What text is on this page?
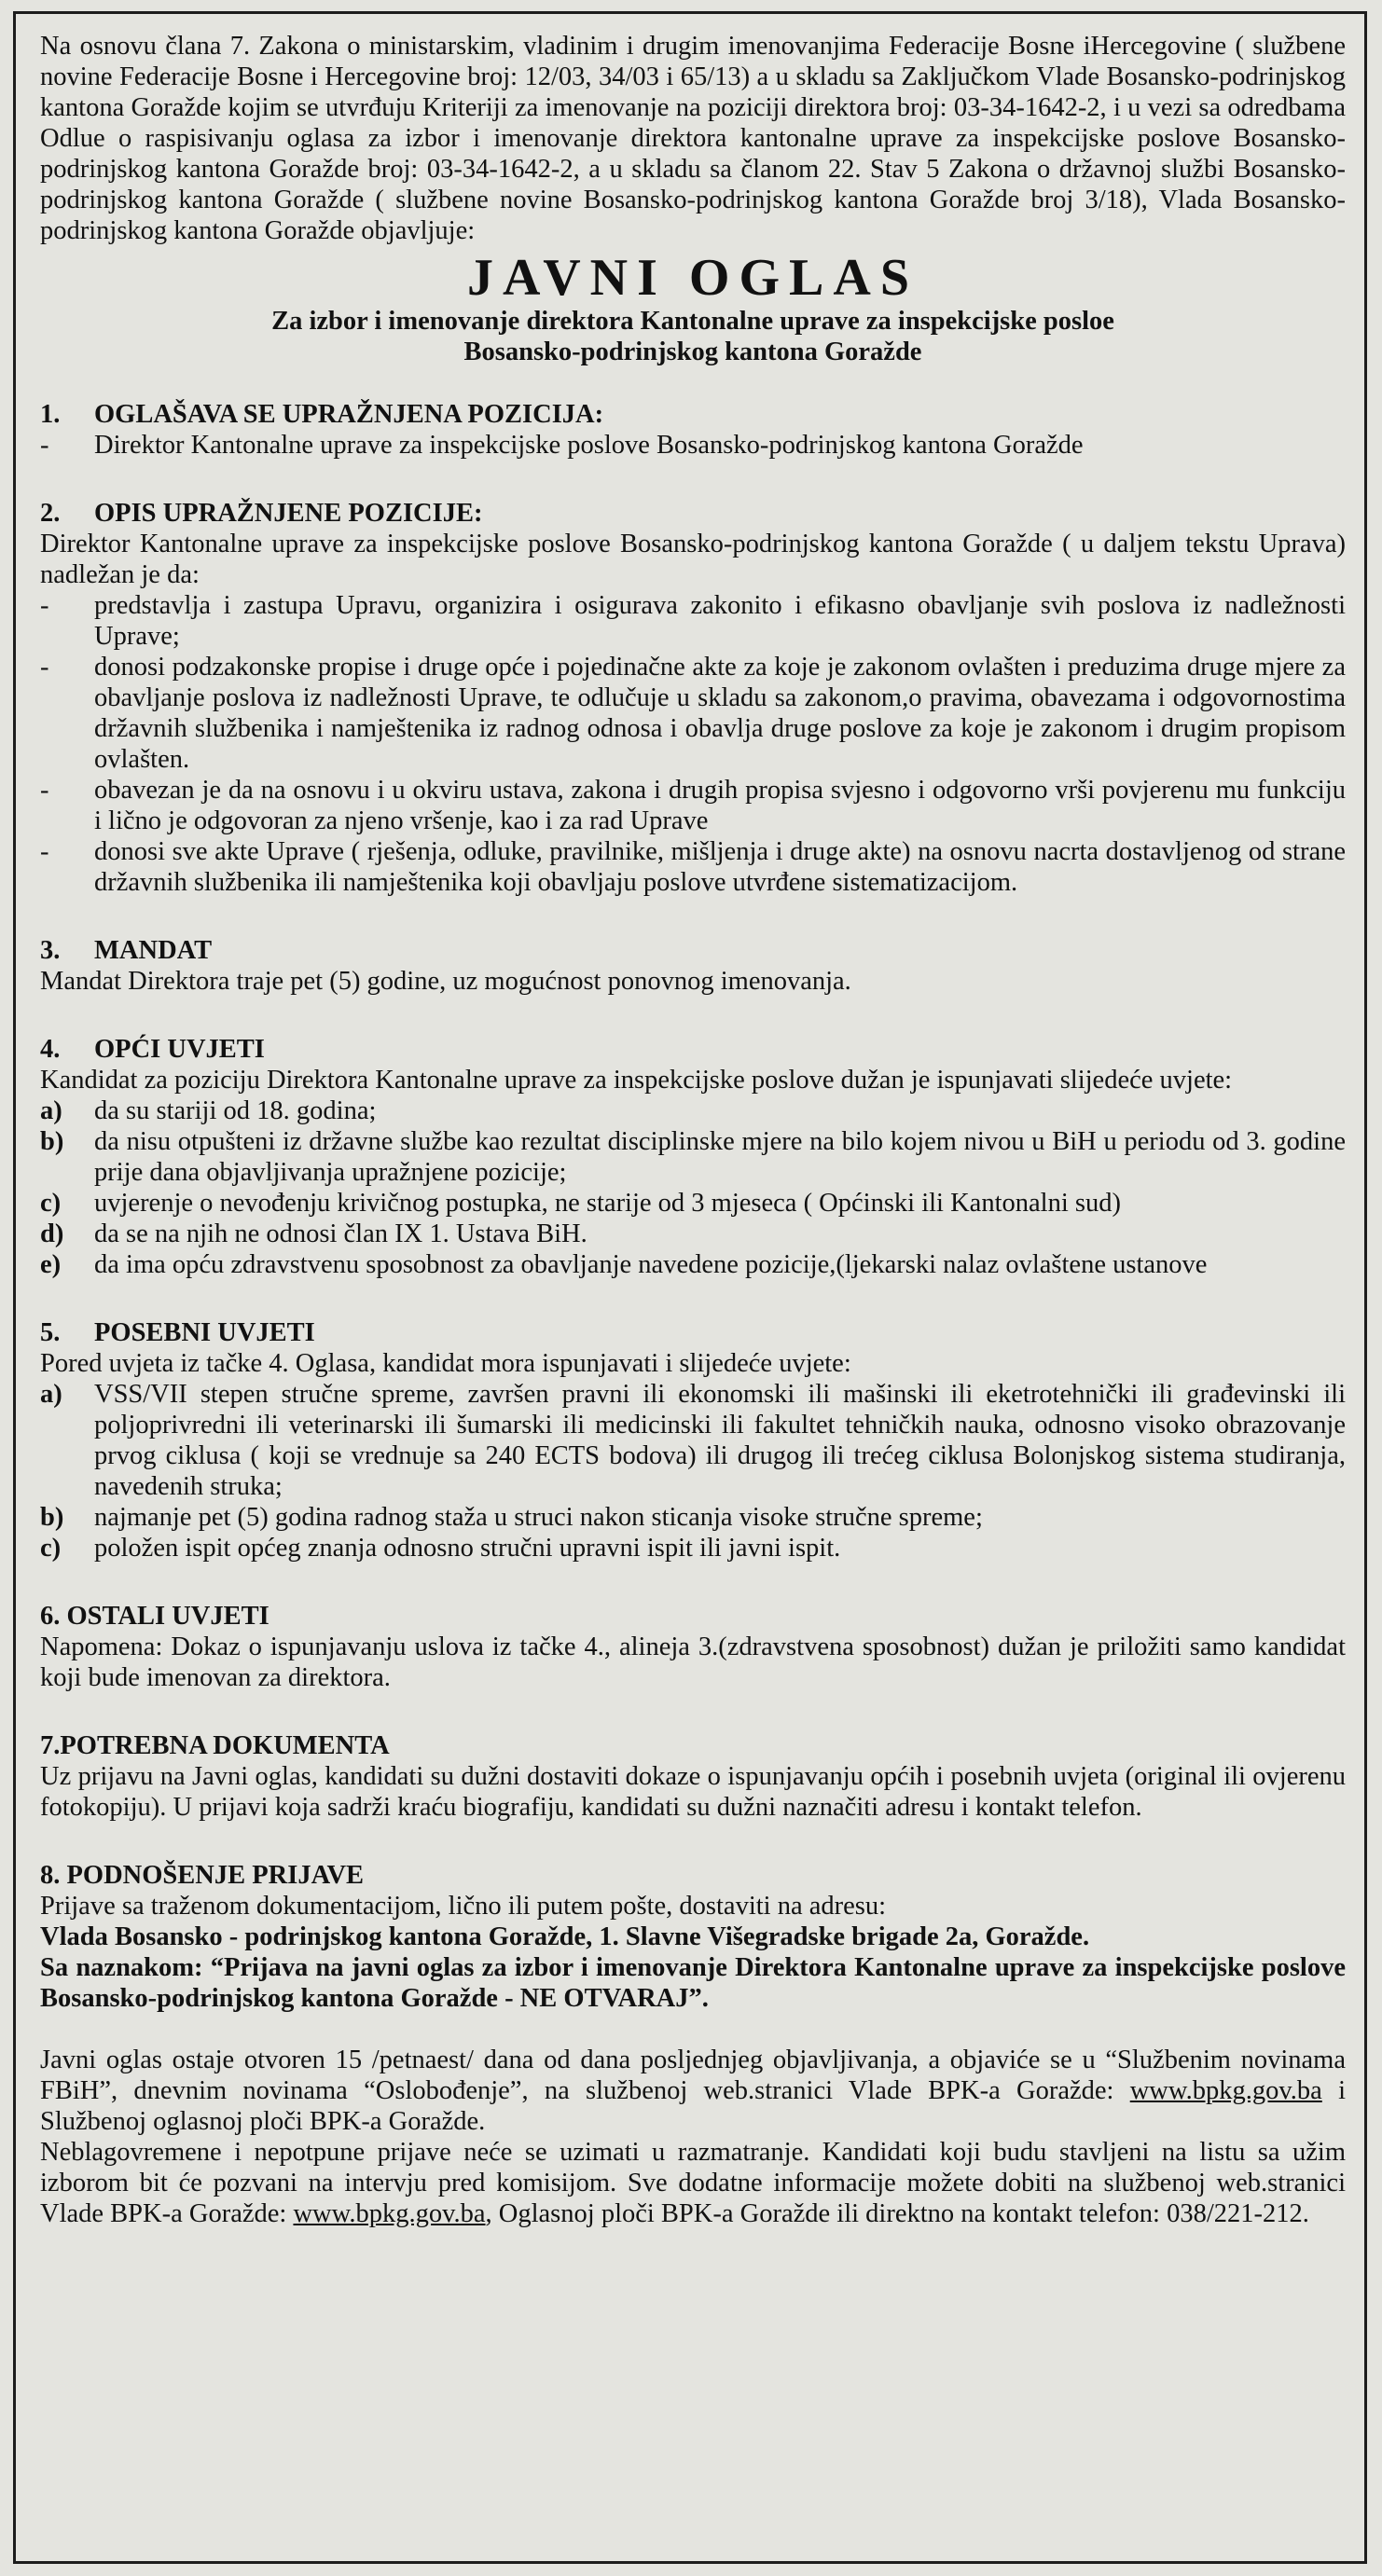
Na osnovu člana 7. Zakona o ministarskim, vladinim i drugim imenovanjima Federacije Bosne iHercegovine ( službene novine Federacije Bosne i Hercegovine broj: 12/03, 34/03 i 65/13) a u skladu sa Zaključkom Vlade Bosansko-podrinjskog kantona Goražde kojim se utvrđuju Kriteriji za imenovanje na poziciji direktora broj: 03-34-1642-2, i u vezi sa odredbama Odlue o raspisivanju oglasa za izbor i imenovanje direktora kantonalne uprave za inspekcijske poslove Bosansko-podrinjskog kantona Goražde broj: 03-34-1642-2, a u skladu sa članom 22. Stav 5 Zakona o državnoj službi Bosansko-podrinjskog kantona Goražde ( službene novine Bosansko-podrinjskog kantona Goražde broj 3/18), Vlada Bosansko-podrinjskog kantona Goražde objavljuje:

JAVNI OGLAS
Za izbor i imenovanje direktora Kantonalne uprave za inspekcijske posloe
Bosansko-podrinjskog kantona Goražde
1.	OGLAŠAVA SE UPRAŽNJENA POZICIJA:
-	Direktor Kantonalne uprave za inspekcijske poslove Bosansko-podrinjskog kantona Goražde
2.	OPIS UPRAŽNJENE POZICIJE:

Direktor Kantonalne uprave za inspekcijske poslove Bosansko-podrinjskog kantona Goražde ( u daljem tekstu Uprava) nadležan je da:

-	predstavlja i zastupa Upravu, organizira i osigurava zakonito i efikasno obavljanje svih poslova iz nadležnosti Uprave;
-	donosi podzakonske propise i druge opće i pojedinačne akte za koje je zakonom ovlašten i preduzima druge mjere za obavljanje poslova iz nadležnosti Uprave, te odlučuje u skladu sa zakonom,o pravima, obavezama i odgovornostima državnih službenika i namještenika iz radnog odnosa i obavlja druge poslove za koje je zakonom i drugim propisom ovlašten.
-	obavezan je da na osnovu i u okviru ustava, zakona i drugih propisa svjesno i odgovorno vrši povjerenu mu funkciju i lično je odgovoran za njeno vršenje, kao i za rad Uprave
-	donosi sve akte Uprave ( rješenja, odluke, pravilnike, mišljenja i druge akte) na osnovu nacrta dostavljenog od strane državnih službenika ili namještenika koji obavljaju poslove utvrđene sistematizacijom.
3.	MANDAT

Mandat Direktora traje pet (5) godine, uz mogućnost ponovnog imenovanja.

4.	OPĆI UVJETI

Kandidat za poziciju Direktora Kantonalne uprave za inspekcijske poslove dužan je ispunjavati slijedeće uvjete:

a)	da su stariji od 18. godina;
b)	da nisu otpušteni iz državne službe kao rezultat disciplinske mjere na bilo kojem nivou u BiH u periodu od 3. godine prije dana objavljivanja upražnjene pozicije;
c)	uvjerenje o nevođenju krivičnog postupka, ne starije od 3 mjeseca ( Općinski ili Kantonalni sud)
d)	da se na njih ne odnosi član IX 1. Ustava BiH.
e)	da ima opću zdravstvenu sposobnost za obavljanje navedene pozicije,(ljekarski nalaz ovlaštene ustanove
5.	POSEBNI UVJETI

Pored uvjeta iz tačke 4. Oglasa, kandidat mora ispunjavati i slijedeće uvjete:

a)	VSS/VII stepen stručne spreme, završen pravni ili ekonomski ili mašinski ili eketrotehnički ili građevinski ili poljoprivredni ili veterinarski ili šumarski ili medicinski ili fakultet tehničkih nauka, odnosno visoko obrazovanje prvog ciklusa ( koji se vrednuje sa 240 ECTS bodova) ili drugog ili trećeg ciklusa Bolonjskog sistema studiranja, navedenih struka;
b)	najmanje pet (5) godina radnog staža u struci nakon sticanja visoke stručne spreme;
c)	položen ispit općeg znanja odnosno stručni upravni ispit ili javni ispit.
6. OSTALI UVJETI

Napomena: Dokaz o ispunjavanju uslova iz tačke 4., alineja 3.(zdravstvena sposobnost) dužan je priložiti samo kandidat koji bude imenovan za direktora.

7.POTREBNA DOKUMENTA

Uz prijavu na Javni oglas, kandidati su dužni dostaviti dokaze o ispunjavanju općih i posebnih uvjeta (original ili ovjerenu fotokopiju). U prijavi koja sadrži kraću biografiju, kandidati su dužni naznačiti adresu i kontakt telefon.

8. PODNOŠENJE PRIJAVE

Prijave sa traženom dokumentacijom, lično ili putem pošte, dostaviti na adresu:

Vlada Bosansko - podrinjskog kantona Goražde, 1. Slavne Višegradske brigade 2a, Goražde.

Sa naznakom: “Prijava na javni oglas za izbor i imenovanje Direktora Kantonalne uprave za inspekcijske poslove Bosansko-podrinjskog kantona Goražde - NE OTVARAJ”.

Javni oglas ostaje otvoren 15 /petnaest/ dana od dana posljednjeg objavljivanja, a objaviće se u “Službenim novinama FBiH”, dnevnim novinama “Oslobođenje”, na službenoj web.stranici Vlade BPK-a Goražde: www.bpkg.gov.ba i Službenoj oglasnoj ploči BPK-a Goražde.

Neblagovremene i nepotpune prijave neće se uzimati u razmatranje. Kandidati koji budu stavljeni na listu sa užim izborom bit će pozvani na intervju pred komisijom. Sve dodatne informacije možete dobiti na službenoj web.stranici Vlade BPK-a Goražde: www.bpkg.gov.ba, Oglasnoj ploči BPK-a Goražde ili direktno na kontakt telefon: 038/221-212.
